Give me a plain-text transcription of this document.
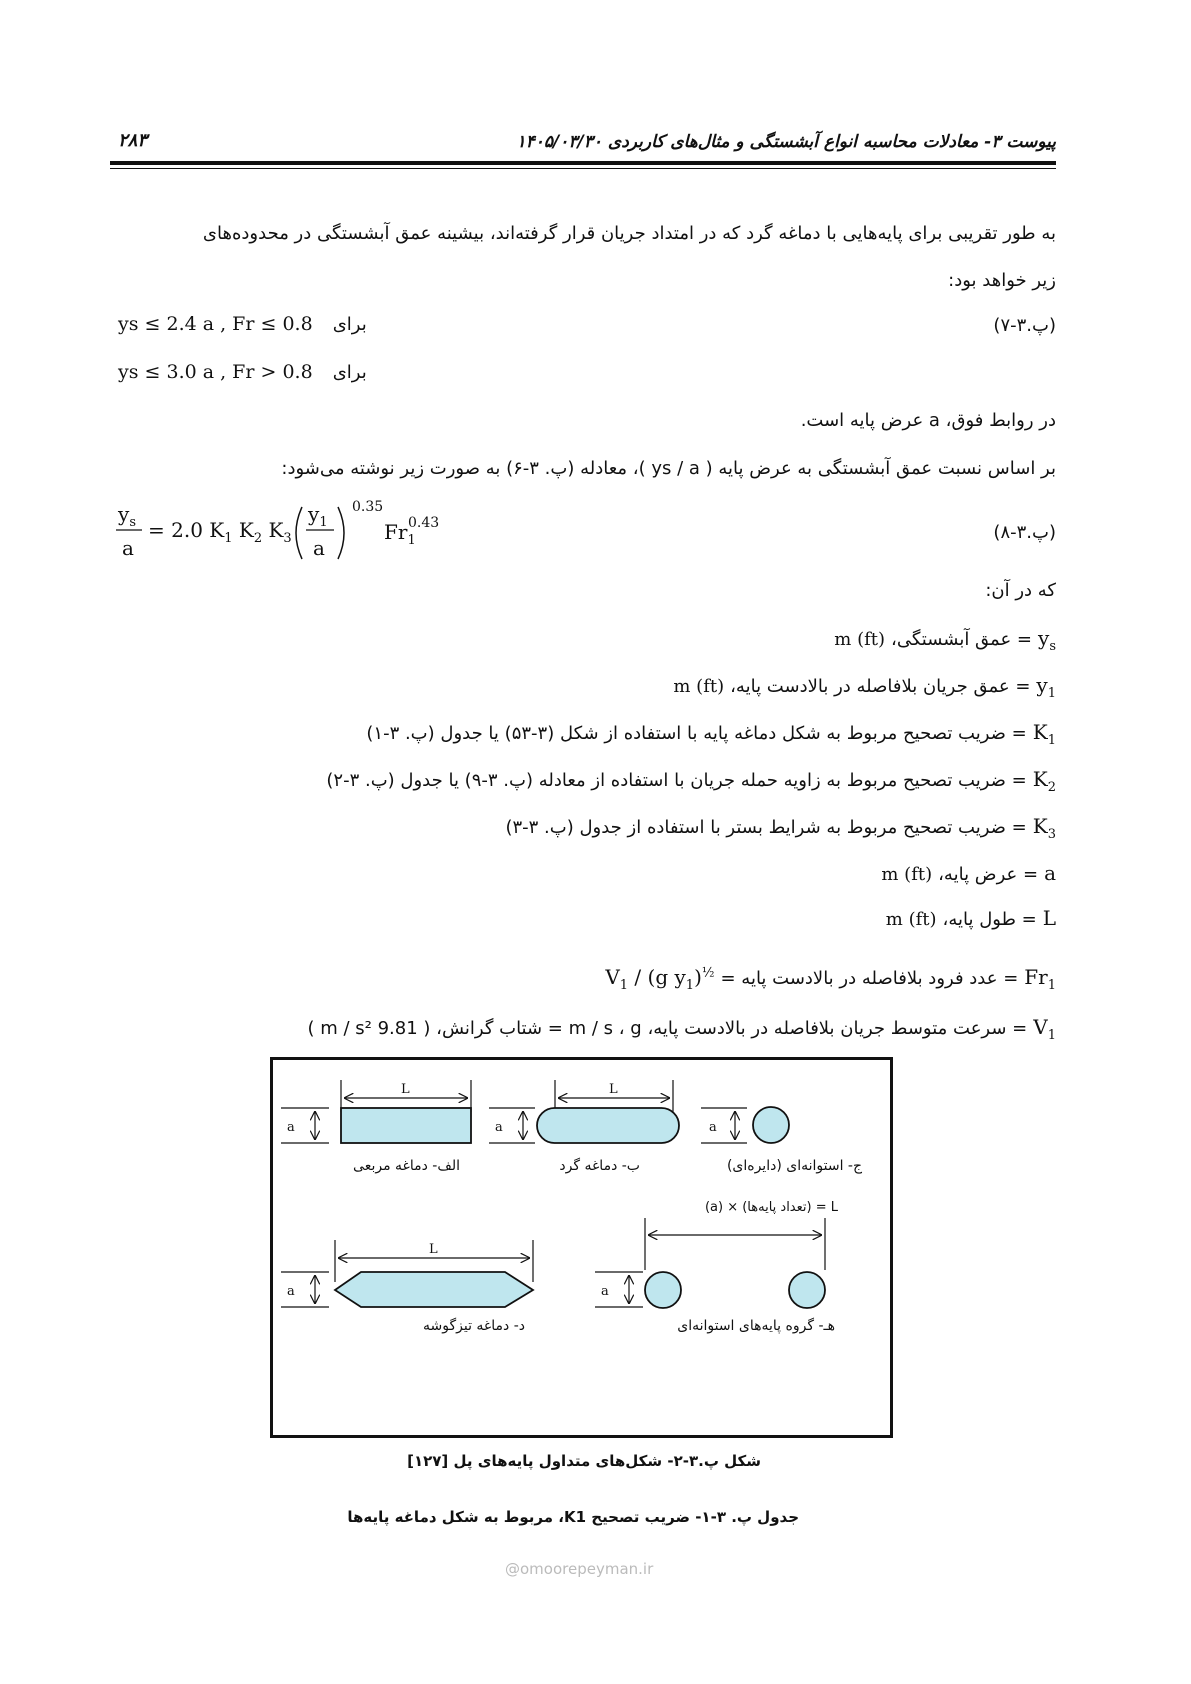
پیوست ۳- معادلات محاسبه انواع آبشستگی و مثال‌های کاربردی ۱۴۰۵/۰۳/۳۰
۲۸۳
به طور تقریبی برای پایه‌هایی با دماغه گرد که در امتداد جریان قرار گرفته‌اند، بیشینه عمق آبشستگی در محدوده‌های
زیر خواهد بود:
(پ.۳-۷)
ys ≤ 2.4 a , Fr ≤ 0.8 برای
ys ≤ 3.0 a , Fr > 0.8 برای
در روابط فوق، a عرض پایه است.
بر اساس نسبت عمق آبشستگی به عرض پایه ( ys / a )، معادله (پ. ۳-۶) به صورت زیر نوشته می‌شود:
(پ.۳-۸)
$y_s$
a
= 2.0 $K_1$ $K_2$ $K_3$
$y_1$
a
0.35
$Fr_1$
0.43
که در آن:
$y_s$
= عمق آبشستگی،
m (ft)
$y_1$
= عمق جریان بلافاصله در بالادست پایه،
m (ft)
$K_1$
= ضریب تصحیح مربوط به شکل دماغه پایه با استفاده از شکل (۳-۵۳) یا جدول (پ. ۳-۱)
$K_2$
= ضریب تصحیح مربوط به زاویه حمله جریان با استفاده از معادله (پ. ۳-۹) یا جدول (پ. ۳-۲)
$K_3$
= ضریب تصحیح مربوط به شرایط بستر با استفاده از جدول (پ. ۳-۳)
a
= عرض پایه،
m (ft)
L
= طول پایه،
m (ft)
$Fr_1$
= عدد فرود بلافاصله در بالادست پایه =
$V_1 / (g$ $y_1)^{\frac{1}{2}}$
$V_1$
= سرعت متوسط جریان بلافاصله در بالادست پایه، m / s ، g = شتاب گرانش، ( 9.81 m / s² )
L
a
L
a	a
L
a	a
الف- دماغه مربعی	ب- دماغه گرد	ج- استوانه‌ای (دایره‌ای)
د- دماغه تیزگوشه	هـ- گروه پایه‌های استوانه‌ای
L = (تعداد پایه‌ها) × (a)
شکل پ.۳-۲- شکل‌های متداول پایه‌های پل [۱۲۷]
جدول پ. ۳-۱- ضریب تصحیح K1، مربوط به شکل دماغه پایه‌ها
@omoorepeyman.ir
